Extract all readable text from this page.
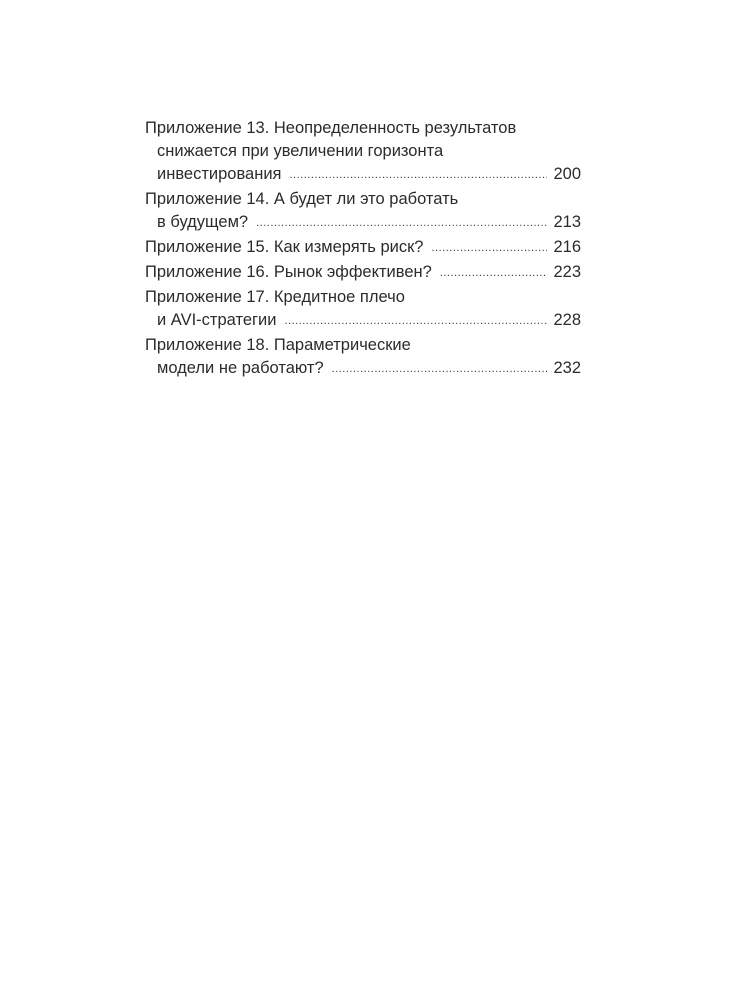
Приложение 13. Неопределенность результатов
снижается при увеличении горизонта
инвестирования .....	200
Приложение 14. А будет ли это работать
в будущем? .....	213
Приложение 15. Как измерять риск? .....	216
Приложение 16. Рынок эффективен? .....	223
Приложение 17. Кредитное плечо
и AVI-стратегии .....	228
Приложение 18. Параметрические
модели не работают? .....	232
